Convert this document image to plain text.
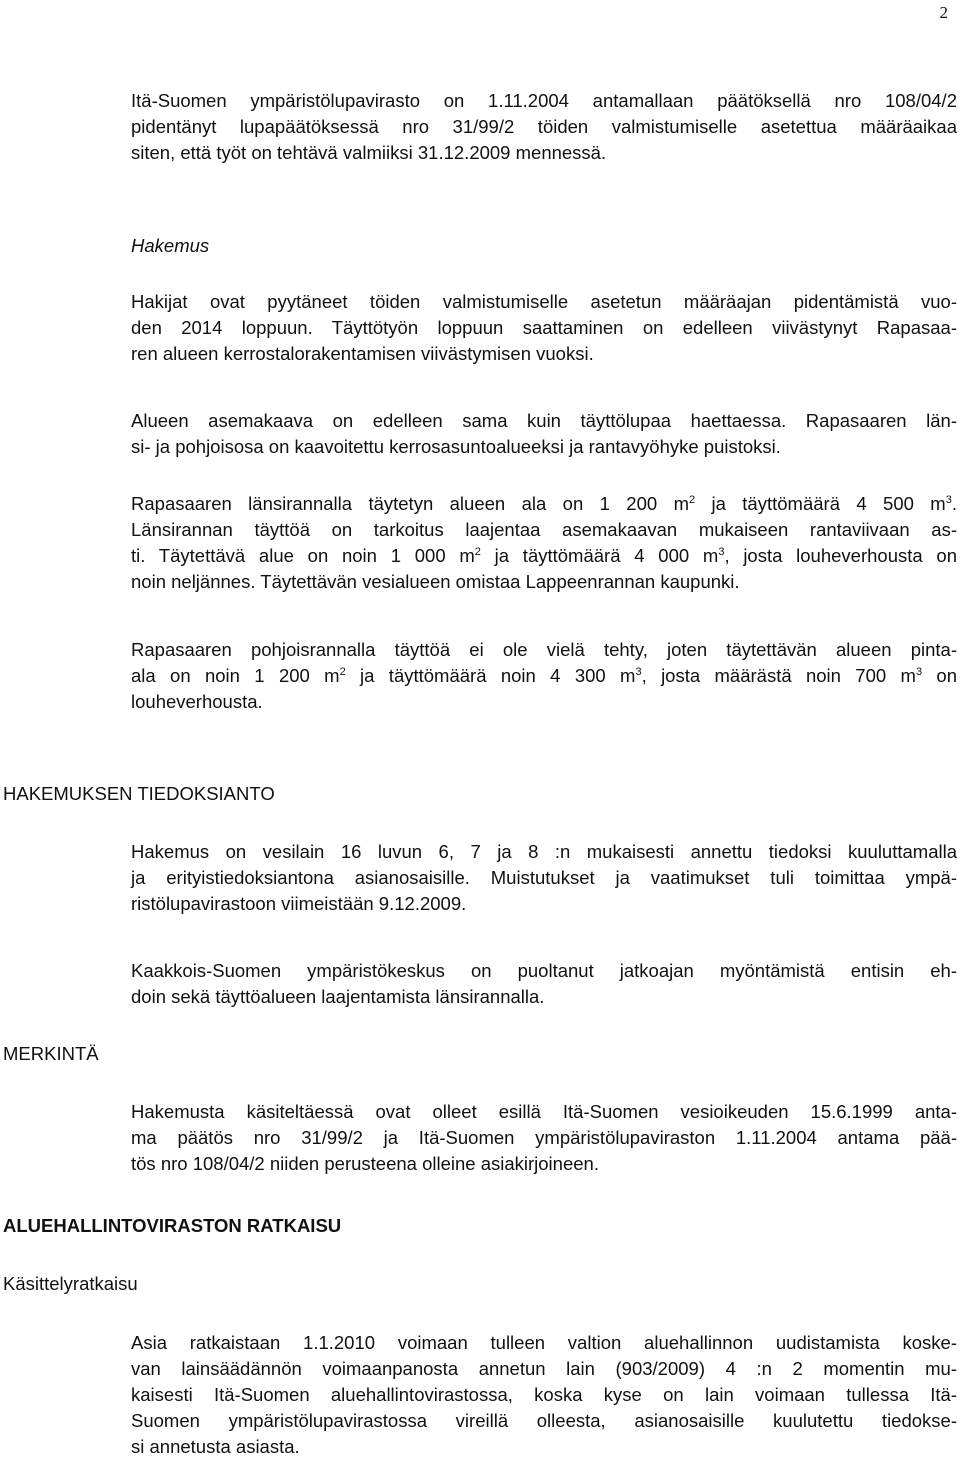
2
Itä-Suomen ympäristölupavirasto on 1.11.2004 antamallaan päätöksellä nro 108/04/2
pidentänyt lupapäätöksessä nro 31/99/2 töiden valmistumiselle asetettua määräaikaa
siten, että työt on tehtävä valmiiksi 31.12.2009 mennessä.
Hakemus
Hakijat ovat pyytäneet töiden valmistumiselle asetetun määräajan pidentämistä vuo-
den 2014 loppuun. Täyttötyön loppuun saattaminen on edelleen viivästynyt Rapasaa-
ren alueen kerrostalorakentamisen viivästymisen vuoksi.
Alueen asemakaava on edelleen sama kuin täyttölupaa haettaessa. Rapasaaren län-
si- ja pohjoisosa on kaavoitettu kerrosasuntoalueeksi ja rantavyöhyke puistoksi.
Rapasaaren länsirannalla täytetyn alueen ala on 1 200 $m^2$ ja täyttömäärä 4 500 $m^3$.
Länsirannan täyttöä on tarkoitus laajentaa asemakaavan mukaiseen rantaviivaan as-
ti. Täytettävä alue on noin 1 000 $m^2$ ja täyttömäärä 4 000 $m^3$, josta louheverhousta on
noin neljännes. Täytettävän vesialueen omistaa Lappeenrannan kaupunki.
Rapasaaren pohjoisrannalla täyttöä ei ole vielä tehty, joten täytettävän alueen pinta-
ala on noin 1 200 $m^2$ ja täyttömäärä noin 4 300 $m^3$, josta määrästä noin 700 $m^3$ on
louheverhousta.
HAKEMUKSEN TIEDOKSIANTO
Hakemus on vesilain 16 luvun 6, 7 ja 8 :n mukaisesti annettu tiedoksi kuuluttamalla
ja erityistiedoksiantona asianosaisille. Muistutukset ja vaatimukset tuli toimittaa ympä-
ristölupavirastoon viimeistään 9.12.2009.
Kaakkois-Suomen ympäristökeskus on puoltanut jatkoajan myöntämistä entisin eh-
doin sekä täyttöalueen laajentamista länsirannalla.
MERKINTÄ
Hakemusta käsiteltäessä ovat olleet esillä Itä-Suomen vesioikeuden 15.6.1999 anta-
ma päätös nro 31/99/2 ja Itä-Suomen ympäristölupaviraston 1.11.2004 antama pää-
tös nro 108/04/2 niiden perusteena olleine asiakirjoineen.
ALUEHALLINTOVIRASTON RATKAISU
Käsittelyratkaisu
Asia ratkaistaan 1.1.2010 voimaan tulleen valtion aluehallinnon uudistamista koske-
van lainsäädännön voimaanpanosta annetun lain (903/2009) 4 :n 2 momentin mu-
kaisesti Itä-Suomen aluehallintovirastossa, koska kyse on lain voimaan tullessa Itä-
Suomen ympäristölupavirastossa vireillä olleesta, asianosaisille kuulutettu tiedokse-
si annetusta asiasta.
